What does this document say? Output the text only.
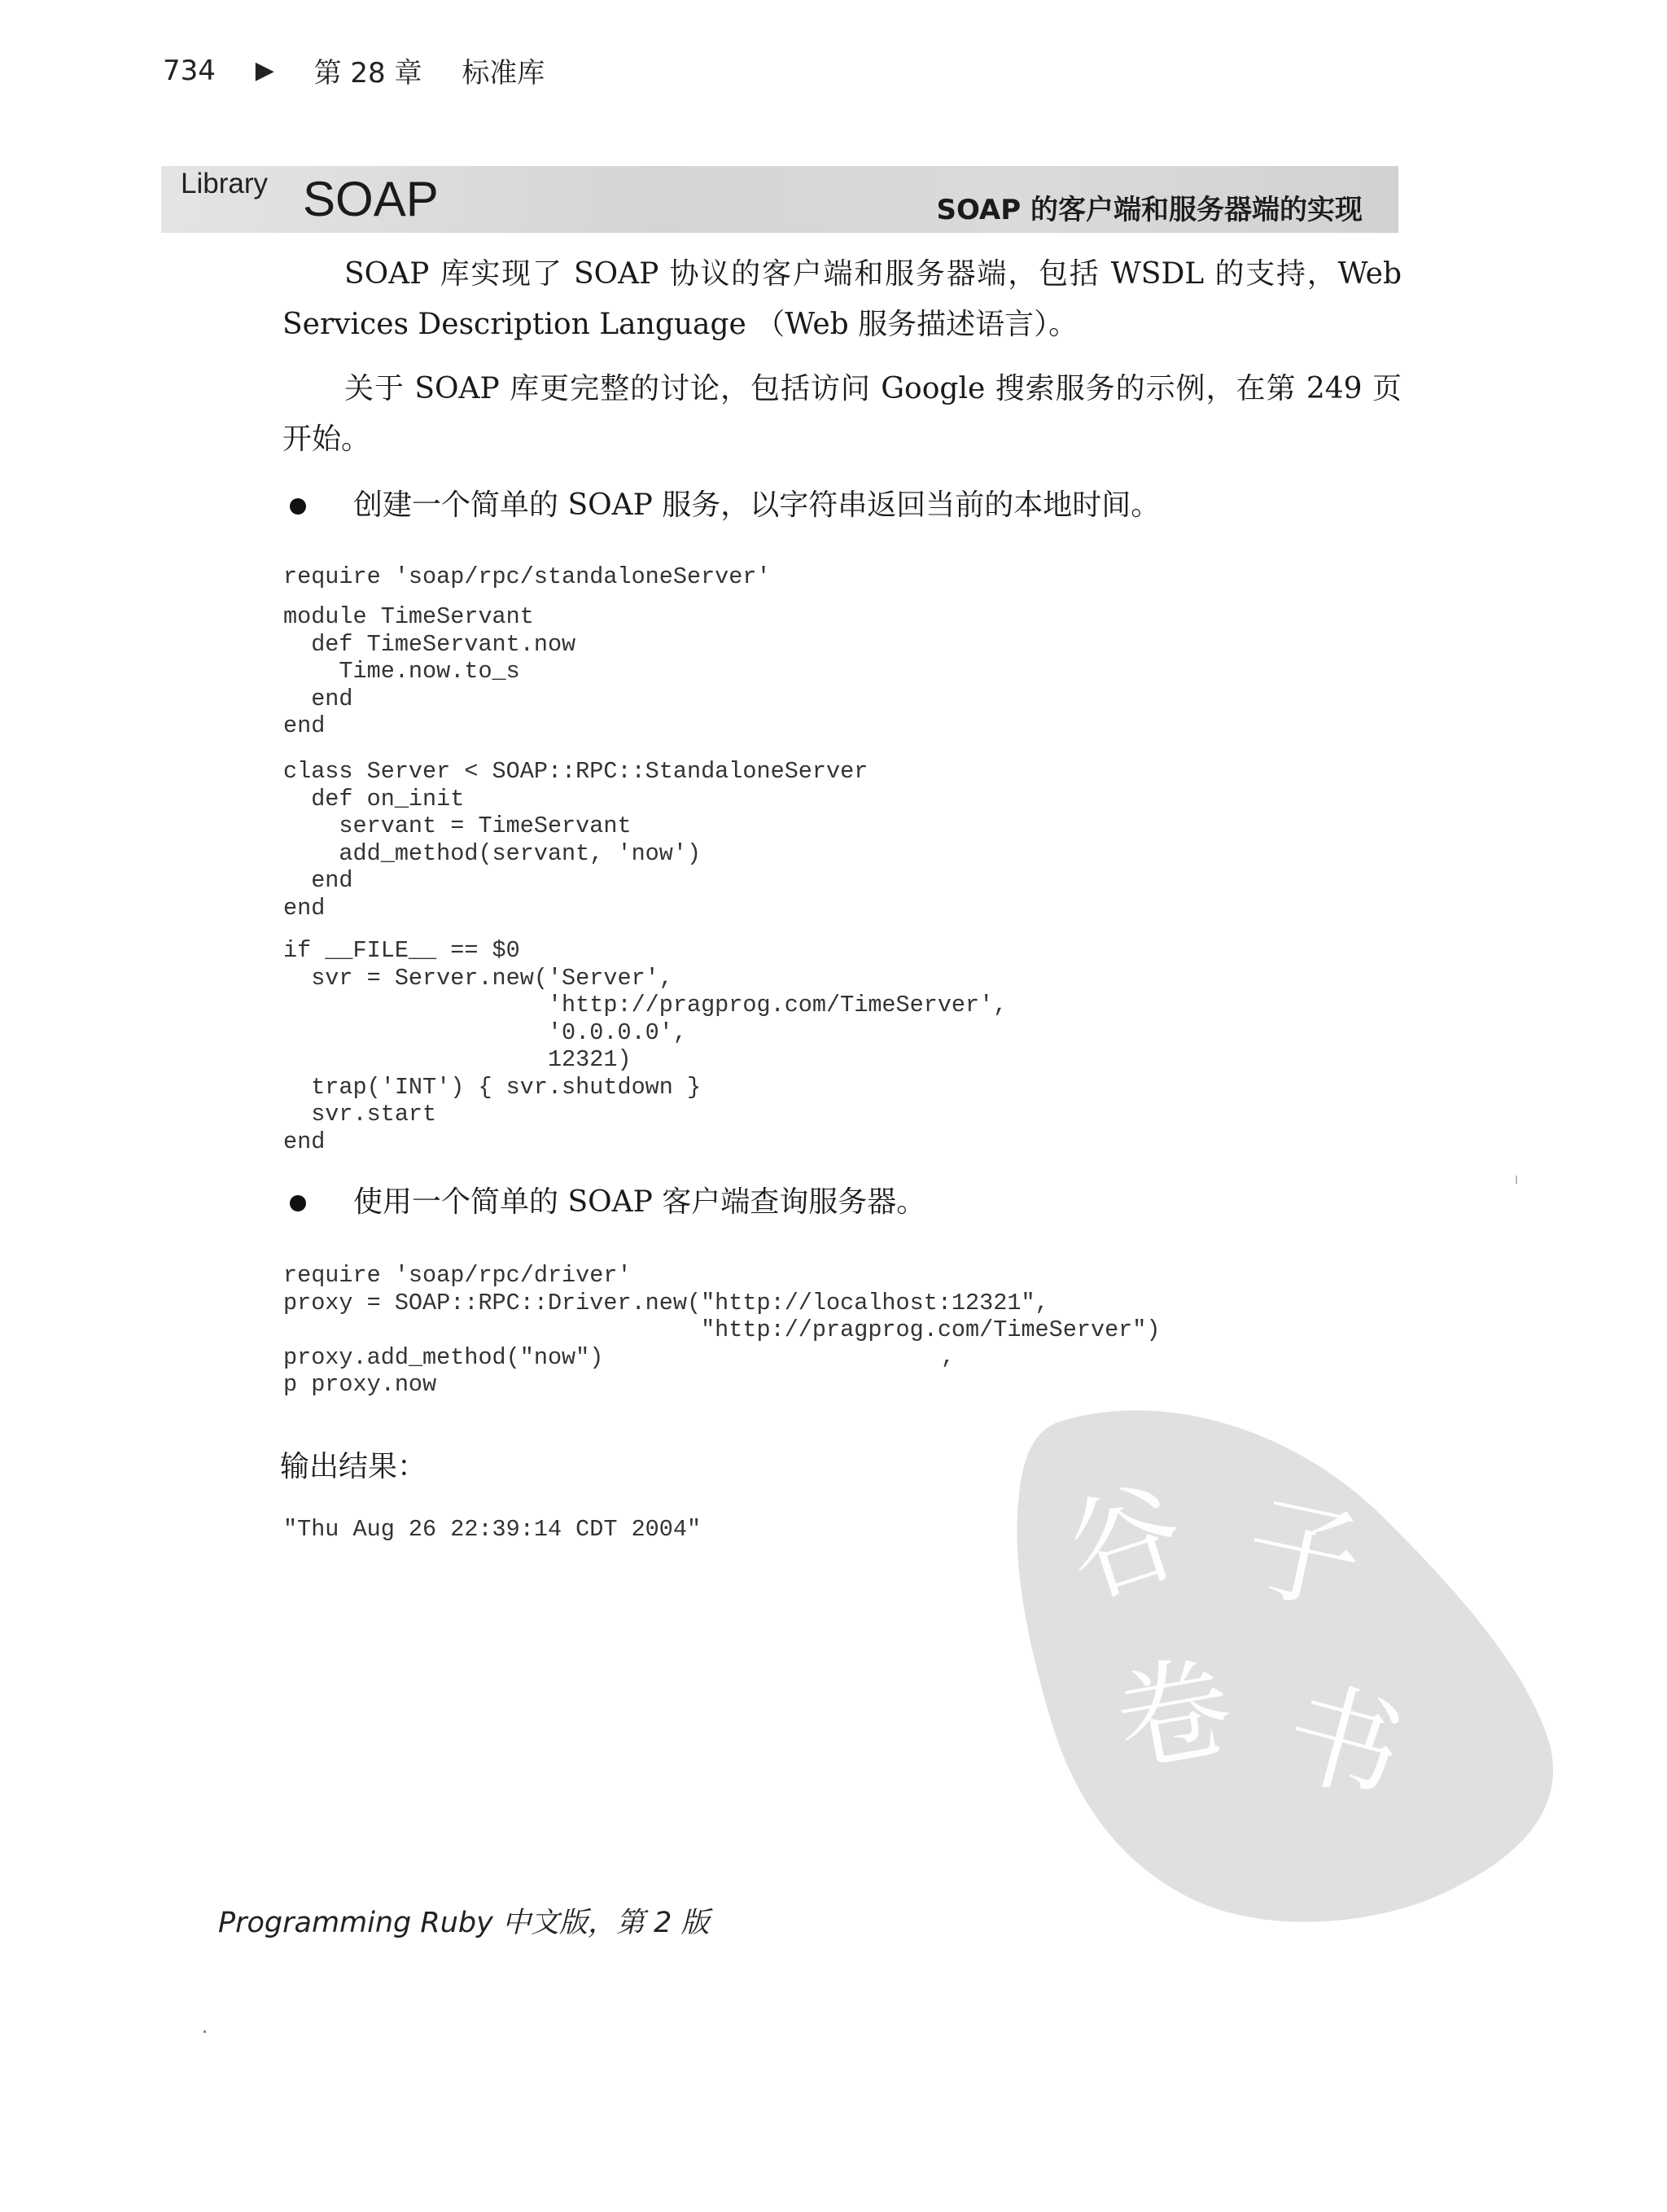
734 ▶ 第 28 章 标准库
Library SOAP	SOAP 的客户端和服务器端的实现
SOAP 库实现了 SOAP 协议的客户端和服务器端，包括 WSDL 的支持，Web Services Description Language （Web 服务描述语言）。
关于 SOAP 库更完整的讨论，包括访问 Google 搜索服务的示例，在第 249 页开始。
创建一个简单的 SOAP 服务，以字符串返回当前的本地时间。
require 'soap/rpc/standaloneServer'
module TimeServant
def TimeServant.now
Time.now.to_s
end
end
class Server < SOAP::RPC::StandaloneServer
def on_init
servant = TimeServant
add_method(servant, 'now')
end
end
if __FILE__ == $0
svr = Server.new('Server',
'http://pragprog.com/TimeServer',
'0.0.0.0',
12321)
trap('INT') { svr.shutdown }
svr.start
end
使用一个简单的 SOAP 客户端查询服务器。
require 'soap/rpc/driver'
proxy = SOAP::RPC::Driver.new("http://localhost:12321",
"http://pragprog.com/TimeServer")
proxy.add_method("now")
p proxy.now
,
输出结果：
"Thu Aug 26 22:39:14 CDT 2004"	谷 子
卷 书
Programming Ruby 中文版，第 2 版
